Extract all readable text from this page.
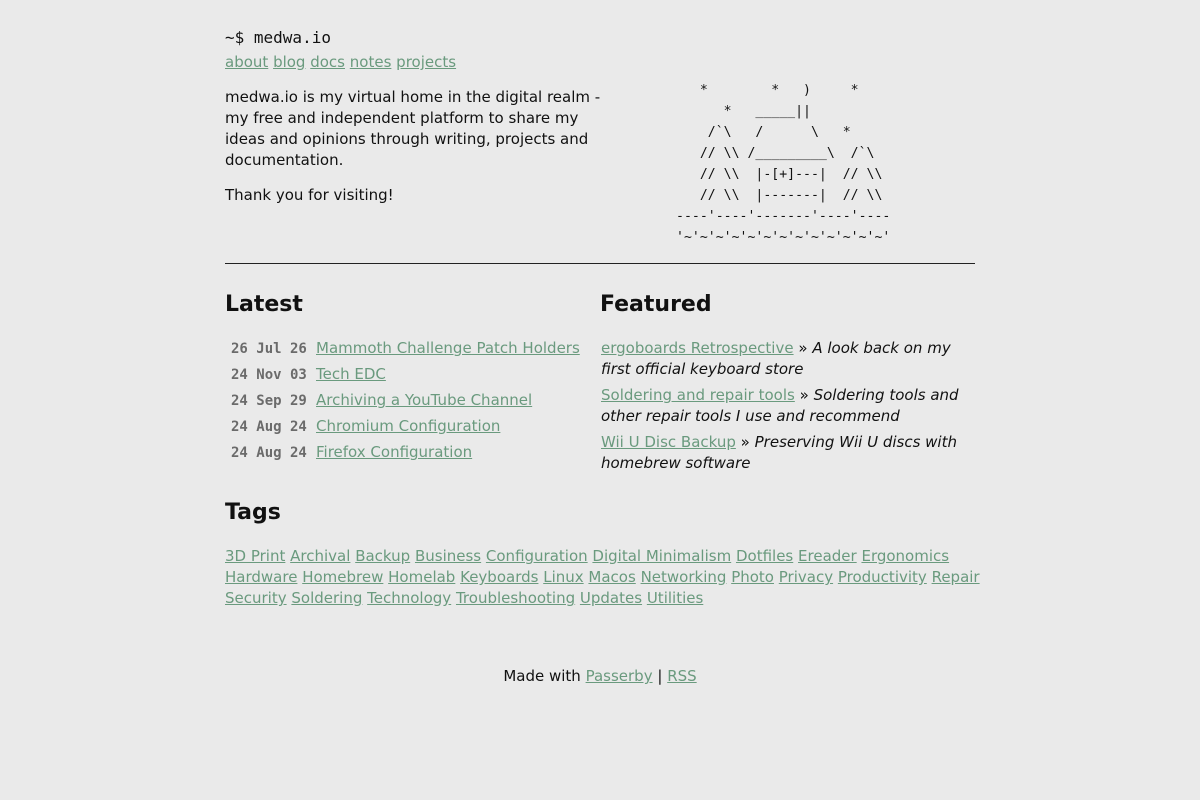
~$ medwa.io
about blog docs notes projects

medwa.io is my virtual home in the digital realm - my free and independent platform to share my ideas and opinions through writing, projects and documentation.

Thank you for visiting!

*        *   )     *
*   _____||
/`\   /      \   *
// \\ /_________\  /`\
// \\  |-[+]---|  // \\
// \\  |-------|  // \\
----'----'-------'----'----
'~'~'~'~'~'~'~'~'~'~'~'~'~'
Latest
26 Jul 26 Mammoth Challenge Patch Holders
24 Nov 03 Tech EDC
24 Sep 29 Archiving a YouTube Channel
24 Aug 24 Chromium Configuration
24 Aug 24 Firefox Configuration
Featured
ergoboards Retrospective » A look back on my first official keyboard store
Soldering and repair tools » Soldering tools and other repair tools I use and recommend
Wii U Disc Backup » Preserving Wii U discs with homebrew software
Tags
3D Print Archival Backup Business Configuration Digital Minimalism Dotfiles Ereader Ergonomics Hardware Homebrew Homelab Keyboards Linux Macos Networking Photo Privacy Productivity Repair Security Soldering Technology Troubleshooting Updates Utilities
Made with Passerby | RSS
